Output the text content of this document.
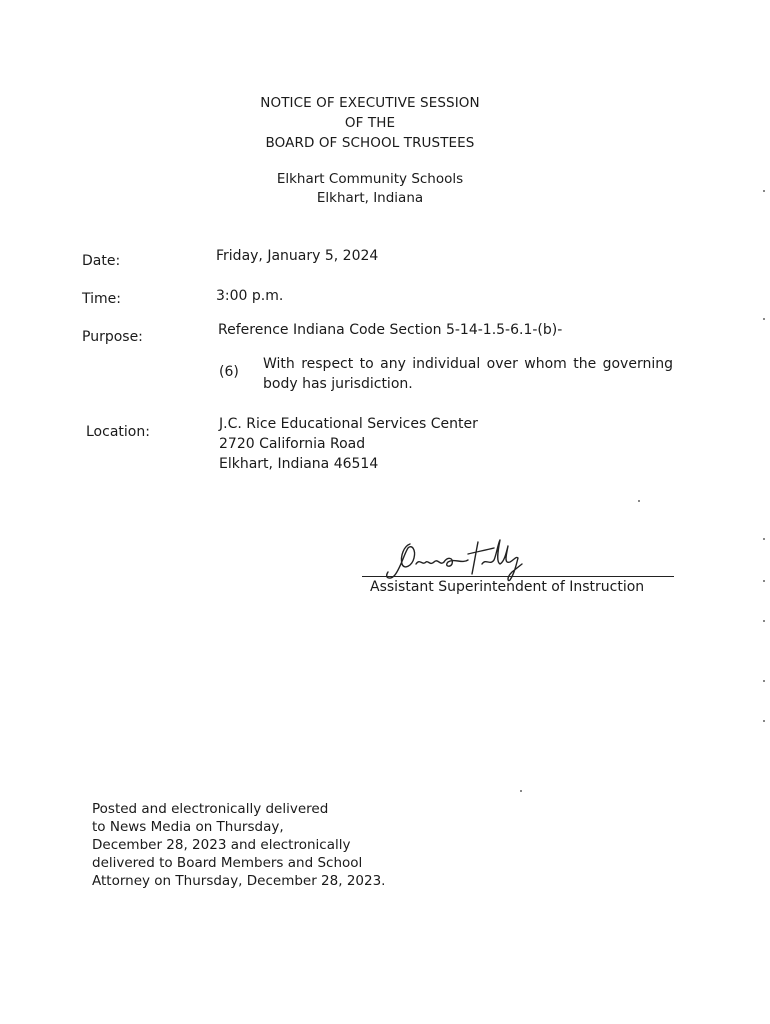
NOTICE OF EXECUTIVE SESSION
OF THE
BOARD OF SCHOOL TRUSTEES
Elkhart Community Schools
Elkhart, Indiana
Date:	Friday, January 5, 2024
Time:	3:00 p.m.
Purpose:	Reference Indiana Code Section 5-14-1.5-6.1-(b)-
(6) With respect to any individual over whom the governing body has jurisdiction.
Location:	J.C. Rice Educational Services Center
2720 California Road
Elkhart, Indiana 46514
Assistant Superintendent of Instruction
Posted and electronically delivered
to News Media on Thursday,
December 28, 2023 and electronically
delivered to Board Members and School
Attorney on Thursday, December 28, 2023.
